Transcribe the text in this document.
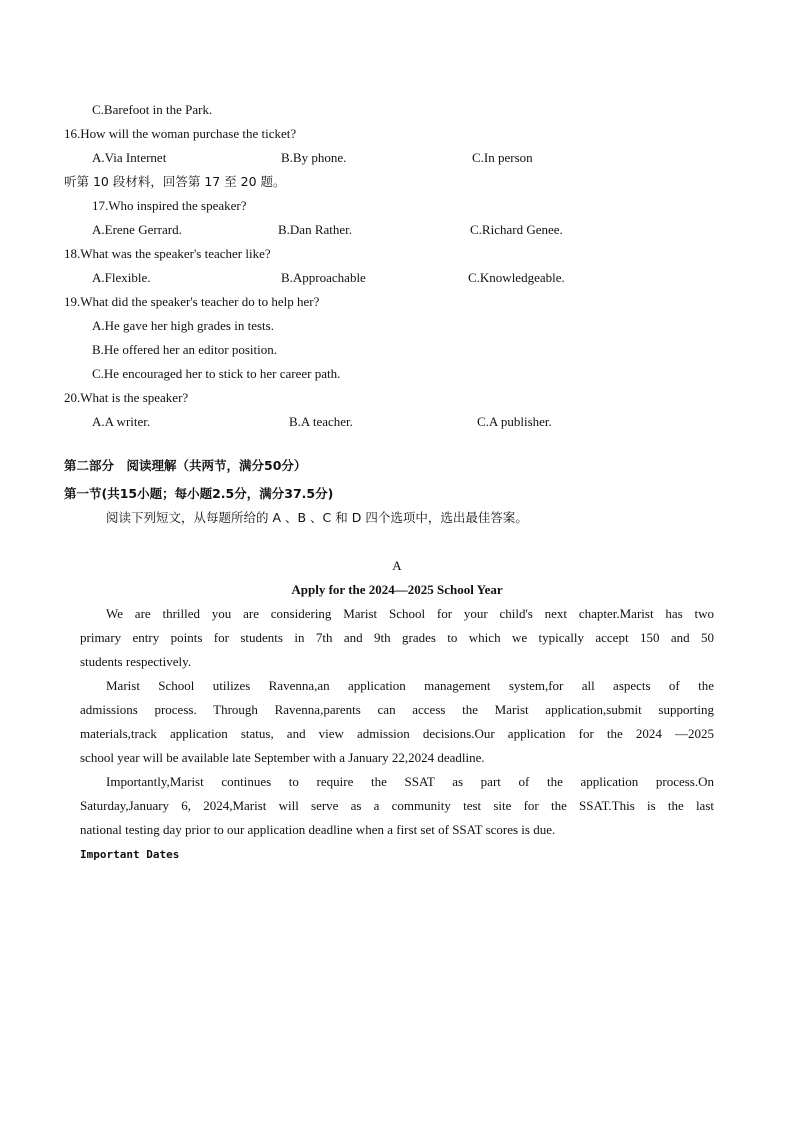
C.Barefoot in the Park.
16.How will the woman purchase the ticket?
A.Via Internet	B.By phone.	C.In person
听第 10 段材料，回答第 17 至 20 题。
17.Who inspired the speaker?
A.Erene Gerrard.	B.Dan Rather.	C.Richard Genee.
18.What was the speaker's teacher like?
A.Flexible.	B.Approachable	C.Knowledgeable.
19.What did the speaker's teacher do to help her?
A.He gave her high grades in tests.
B.He offered her an editor position.
C.He encouraged her to stick to her career path.
20.What is the speaker?
A.A writer.	B.A teacher.	C.A publisher.
第二部分　阅读理解（共两节，满分50分）
第一节(共15小题；每小题2.5分，满分37.5分)
阅读下列短文，从每题所给的 A 、B 、C 和 D 四个选项中，选出最佳答案。
A
Apply for the 2024—2025 School Year
We are thrilled you are considering Marist School for your child's next chapter.Marist has two
primary entry points for students in 7th and 9th grades to which we typically accept 150 and 50
students respectively.
Marist School utilizes Ravenna,an application management system,for all aspects of the
admissions process. Through Ravenna,parents can access the Marist application,submit supporting
materials,track application status, and view admission decisions.Our application for the 2024 —2025
school year will be available late September with a January 22,2024 deadline.
Importantly,Marist continues to require the SSAT as part of the application process.On
Saturday,January 6, 2024,Marist will serve as a community test site for the SSAT.This is the last
national testing day prior to our application deadline when a first set of SSAT scores is due.
Important Dates
